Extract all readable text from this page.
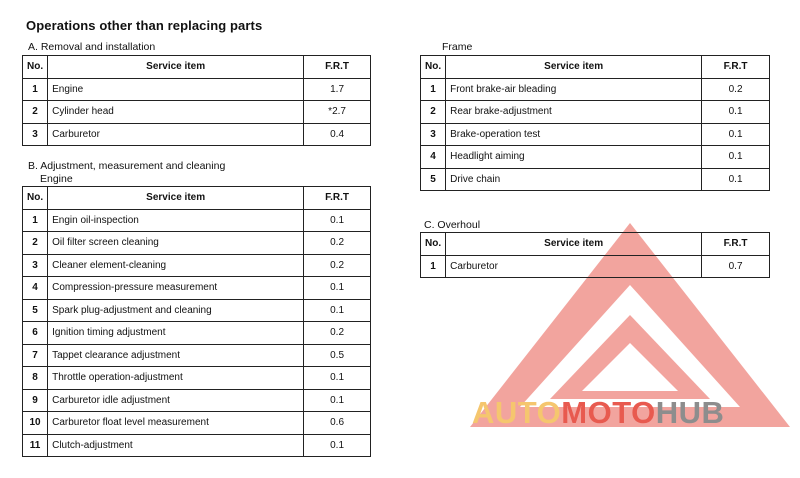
Operations other than replacing parts
A. Removal and installation
No.	Service item	F.R.T
1	Engine	1.7
2	Cylinder head	*2.7
3	Carburetor	0.4
B. Adjustment, measurement and cleaning
Engine
No.	Service item	F.R.T
1	Engin oil-inspection	0.1
2	Oil filter screen cleaning	0.2
3	Cleaner element-cleaning	0.2
4	Compression-pressure measurement	0.1
5	Spark plug-adjustment and cleaning	0.1
6	Ignition timing adjustment	0.2
7	Tappet clearance adjustment	0.5
8	Throttle operation-adjustment	0.1
9	Carburetor idle adjustment	0.1
10	Carburetor float level measurement	0.6
11	Clutch-adjustment	0.1
Frame
No.	Service item	F.R.T
1	Front brake-air bleading	0.2
2	Rear brake-adjustment	0.1
3	Brake-operation test	0.1
4	Headlight aiming	0.1
5	Drive chain	0.1
C. Overhoul
No.	Service item	F.R.T
1	Carburetor	0.7
AUTOMOTOHUB
